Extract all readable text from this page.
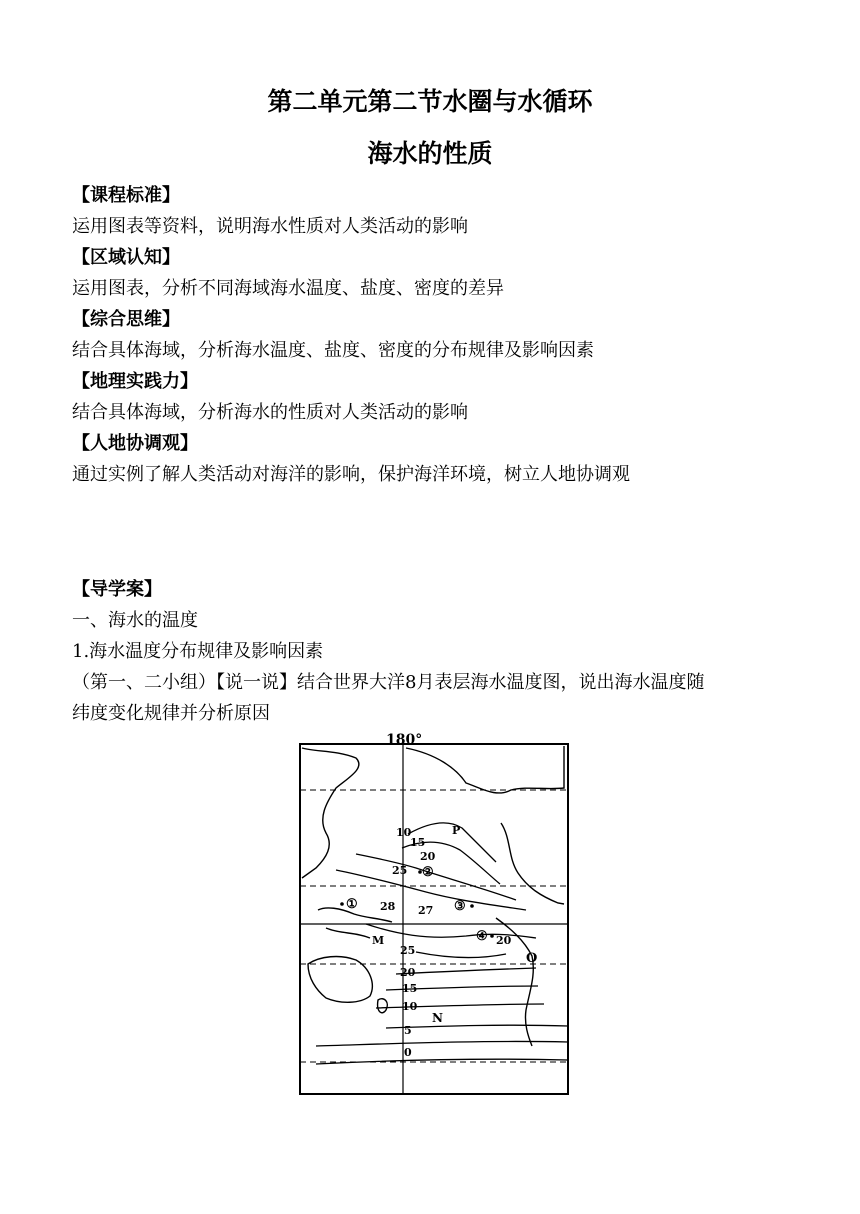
第二单元第二节水圈与水循环
海水的性质
【课程标准】
运用图表等资料，说明海水性质对人类活动的影响
【区域认知】
运用图表，分析不同海域海水温度、盐度、密度的差异
【综合思维】
结合具体海域，分析海水温度、盐度、密度的分布规律及影响因素
【地理实践力】
结合具体海域，分析海水的性质对人类活动的影响
【人地协调观】
通过实例了解人类活动对海洋的影响，保护海洋环境，树立人地协调观
【导学案】
一、海水的温度
1.海水温度分布规律及影响因素
（第一、二小组）【说一说】结合世界大洋8月表层海水温度图，说出海水温度随
纬度变化规律并分析原因
180°
10
15
20
25
28 27
20
25
20
15
10
5
0
①
②
③
④
P
M
O
N
